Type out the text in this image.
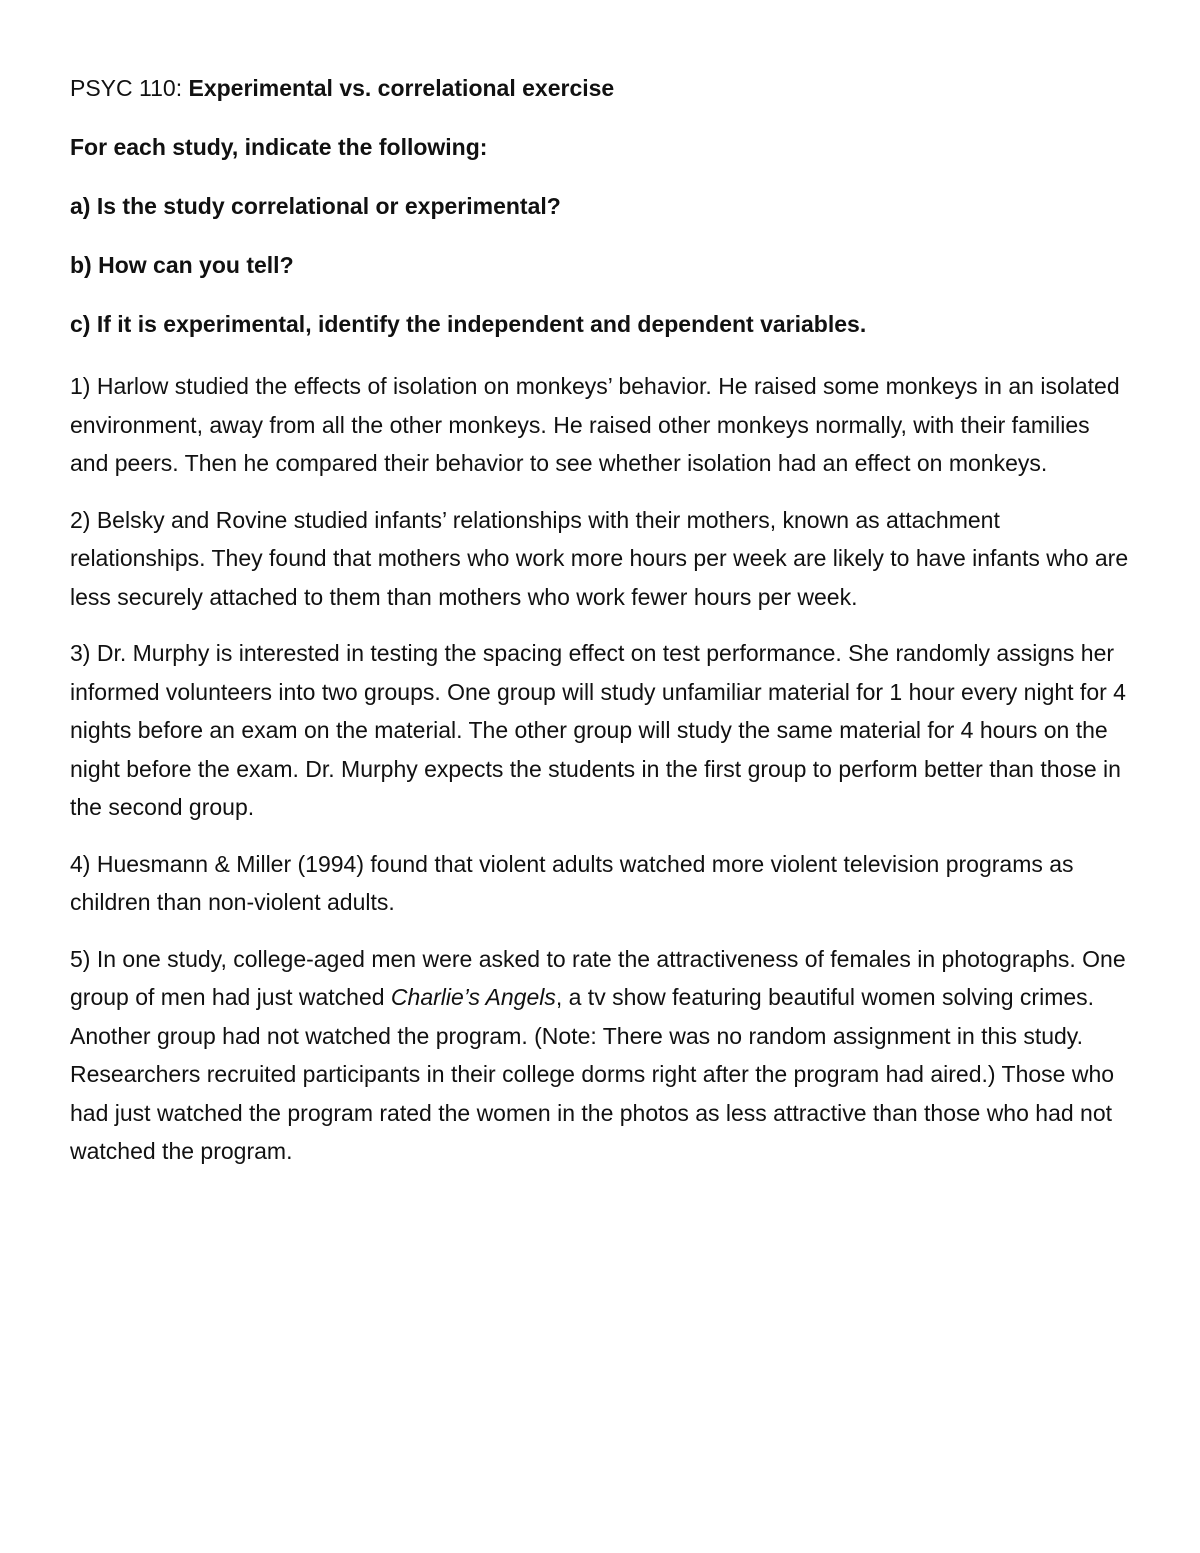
PSYC 110: Experimental vs. correlational exercise

For each study, indicate the following:

a) Is the study correlational or experimental?

b) How can you tell?

c) If it is experimental, identify the independent and dependent variables.

1) Harlow studied the effects of isolation on monkeys’ behavior. He raised some monkeys in an isolated environment, away from all the other monkeys. He raised other monkeys normally, with their families and peers. Then he compared their behavior to see whether isolation had an effect on monkeys.

2) Belsky and Rovine studied infants’ relationships with their mothers, known as attachment relationships. They found that mothers who work more hours per week are likely to have infants who are less securely attached to them than mothers who work fewer hours per week.

3) Dr. Murphy is interested in testing the spacing effect on test performance. She randomly assigns her informed volunteers into two groups. One group will study unfamiliar material for 1 hour every night for 4 nights before an exam on the material. The other group will study the same material for 4 hours on the night before the exam. Dr. Murphy expects the students in the first group to perform better than those in the second group.

4) Huesmann & Miller (1994) found that violent adults watched more violent television programs as children than non-violent adults.

5) In one study, college-aged men were asked to rate the attractiveness of females in photographs. One group of men had just watched Charlie’s Angels, a tv show featuring beautiful women solving crimes. Another group had not watched the program. (Note: There was no random assignment in this study. Researchers recruited participants in their college dorms right after the program had aired.) Those who had just watched the program rated the women in the photos as less attractive than those who had not watched the program.
